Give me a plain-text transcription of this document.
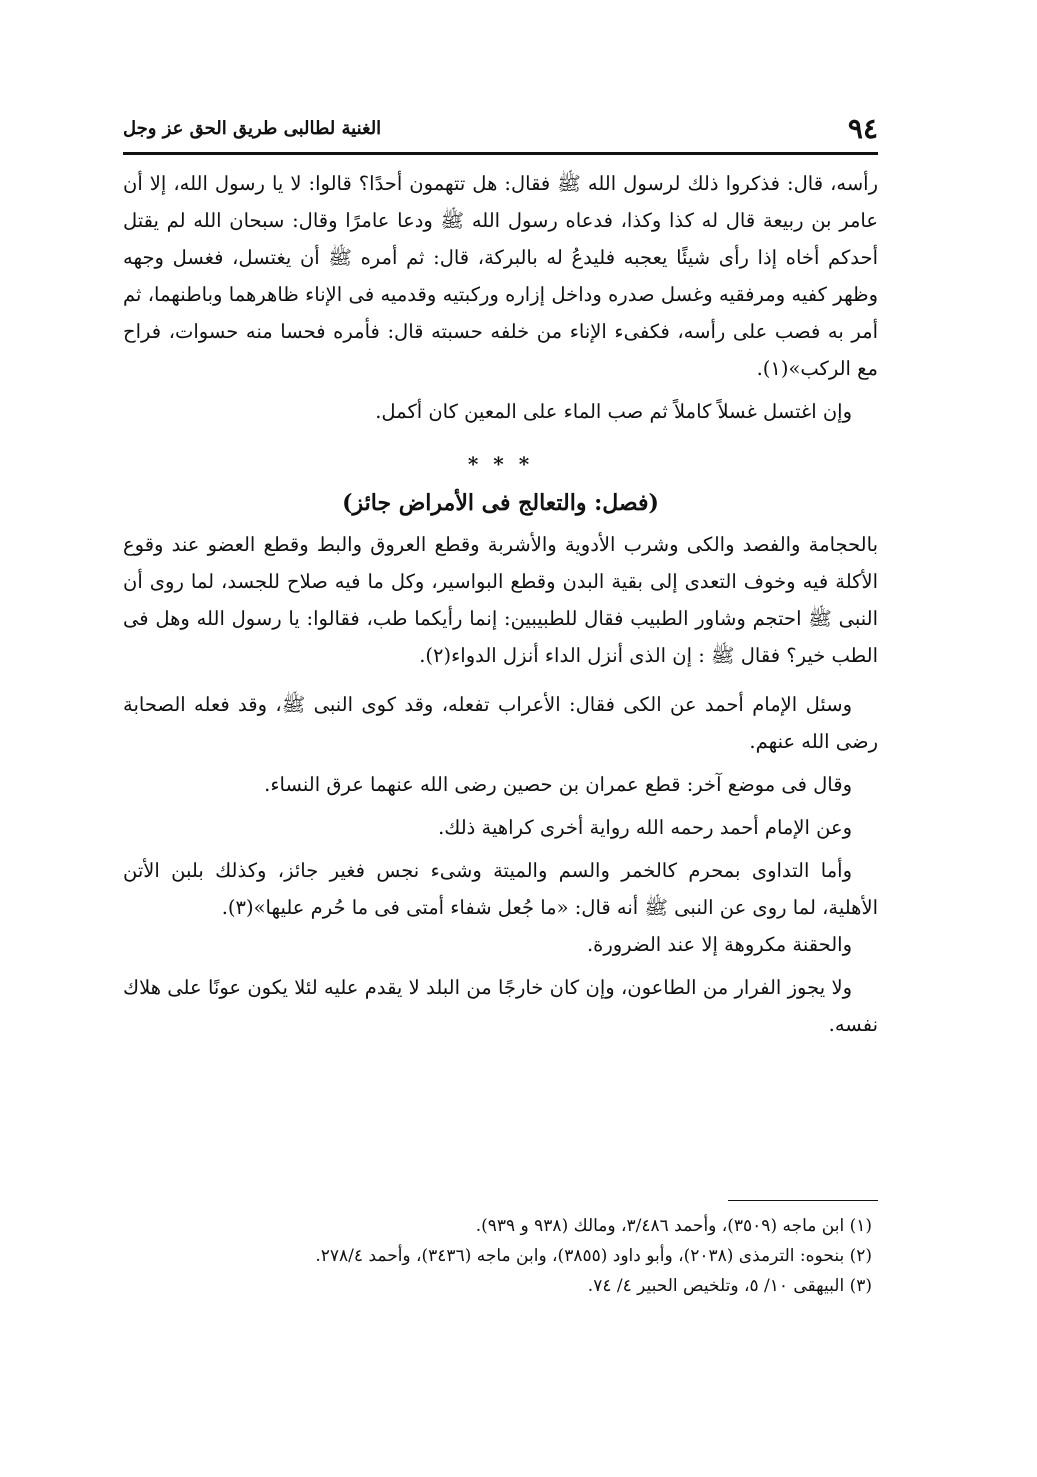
٩٤
الغنية لطالبى طريق الحق عز وجل

رأسه، قال: فذكروا ذلك لرسول الله ﷺ فقال: هل تتهمون أحدًا؟ قالوا: لا يا رسول الله، إلا أن عامر بن ربيعة قال له كذا وكذا، فدعاه رسول الله ﷺ ودعا عامرًا وقال: سبحان الله لم يقتل أحدكم أخاه إذا رأى شيئًا يعجبه فليدعُ له بالبركة، قال: ثم أمره ﷺ أن يغتسل، فغسل وجهه وظهر كفيه ومرفقيه وغسل صدره وداخل إزاره وركبتيه وقدميه فى الإناء ظاهرهما وباطنهما، ثم أمر به فصب على رأسه، فكفىء الإناء من خلفه حسبته قال: فأمره فحسا منه حسوات، فراح مع الركب»(١).

وإن اغتسل غسلاً كاملاً ثم صب الماء على المعين كان أكمل.

* * *

(فصل: والتعالج فى الأمراض جائز)

بالحجامة والفصد والكى وشرب الأدوية والأشربة وقطع العروق والبط وقطع العضو عند وقوع الأكلة فيه وخوف التعدى إلى بقية البدن وقطع البواسير، وكل ما فيه صلاح للجسد، لما روى أن النبى ﷺ احتجم وشاور الطبيب فقال للطبيبين: إنما رأيكما طب، فقالوا: يا رسول الله وهل فى الطب خير؟ فقال ﷺ : إن الذى أنزل الداء أنزل الدواء(٢).

وسئل الإمام أحمد عن الكى فقال: الأعراب تفعله، وقد كوى النبى ﷺ، وقد فعله الصحابة رضى الله عنهم.

وقال فى موضع آخر: قطع عمران بن حصين رضى الله عنهما عرق النساء.

وعن الإمام أحمد رحمه الله رواية أخرى كراهية ذلك.

وأما التداوى بمحرم كالخمر والسم والميتة وشىء نجس فغير جائز، وكذلك بلبن الأتن الأهلية، لما روى عن النبى ﷺ أنه قال: «ما جُعل شفاء أمتى فى ما حُرم عليها»(٣).

والحقنة مكروهة إلا عند الضرورة.

ولا يجوز الفرار من الطاعون، وإن كان خارجًا من البلد لا يقدم عليه لئلا يكون عونًا على هلاك نفسه.

(١) ابن ماجه (٣٥٠٩)، وأحمد ٣/٤٨٦، ومالك (٩٣٨ و ٩٣٩).

(٢) بنحوه: الترمذى (٢٠٣٨)، وأبو داود (٣٨٥٥)، وابن ماجه (٣٤٣٦)، وأحمد ٢٧٨/٤.

(٣) البيهقى ١٠/ ٥، وتلخيص الحبير ٤/ ٧٤.
